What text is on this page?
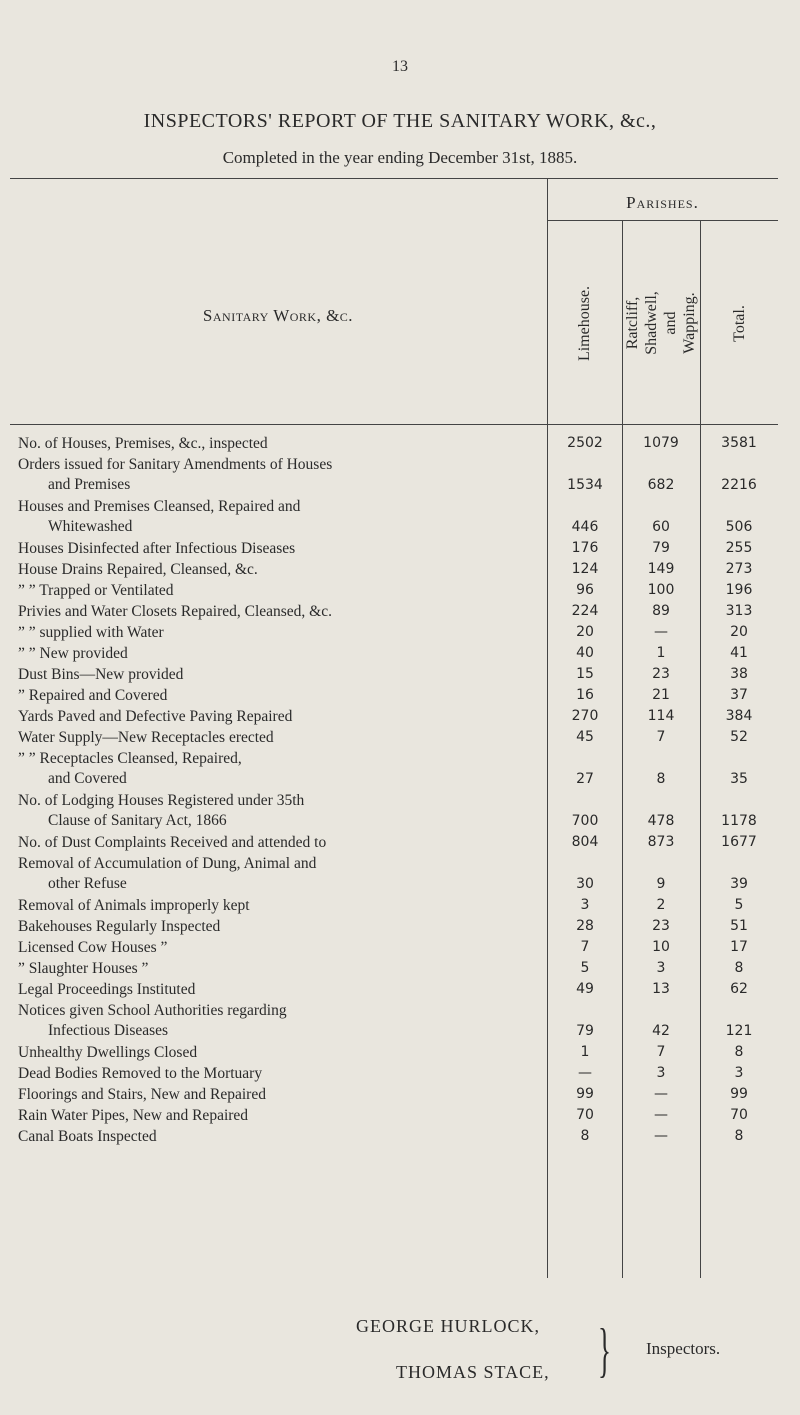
13
INSPECTORS' REPORT OF THE SANITARY WORK, &c.,
Completed in the year ending December 31st, 1885.
Sanitary Work, &c.
Parishes.
Limehouse. Ratcliff, Shadwell, and Wapping. Total.
No. of Houses, Premises, &c., inspected	2502	1079	3581
Orders issued for Sanitary Amendments of Houses
and Premises	1534	682	2216
Houses and Premises Cleansed, Repaired and
Whitewashed	446	60	506
Houses Disinfected after Infectious Diseases	176	79	255
House Drains Repaired, Cleansed, &c.	124	149	273
” ” Trapped or Ventilated	96	100	196
Privies and Water Closets Repaired, Cleansed, &c.	224	89	313
” ” supplied with Water	20	—	20
” ” New provided	40	1	41
Dust Bins—New provided	15	23	38
” Repaired and Covered	16	21	37
Yards Paved and Defective Paving Repaired	270	114	384
Water Supply—New Receptacles erected	45	7	52
” ” Receptacles Cleansed, Repaired,
and Covered	27	8	35
No. of Lodging Houses Registered under 35th
Clause of Sanitary Act, 1866	700	478	1178
No. of Dust Complaints Received and attended to	804	873	1677
Removal of Accumulation of Dung, Animal and
other Refuse	30	9	39
Removal of Animals improperly kept	3	2	5
Bakehouses Regularly Inspected	28	23	51
Licensed Cow Houses ”	7	10	17
” Slaughter Houses ”	5	3	8
Legal Proceedings Instituted	49	13	62
Notices given School Authorities regarding
Infectious Diseases	79	42	121
Unhealthy Dwellings Closed	1	7	8
Dead Bodies Removed to the Mortuary	—	3	3
Floorings and Stairs, New and Repaired	99	—	99
Rain Water Pipes, New and Repaired	70	—	70
Canal Boats Inspected	8	—	8
GEORGE HURLOCK,
THOMAS STACE, } Inspectors.
